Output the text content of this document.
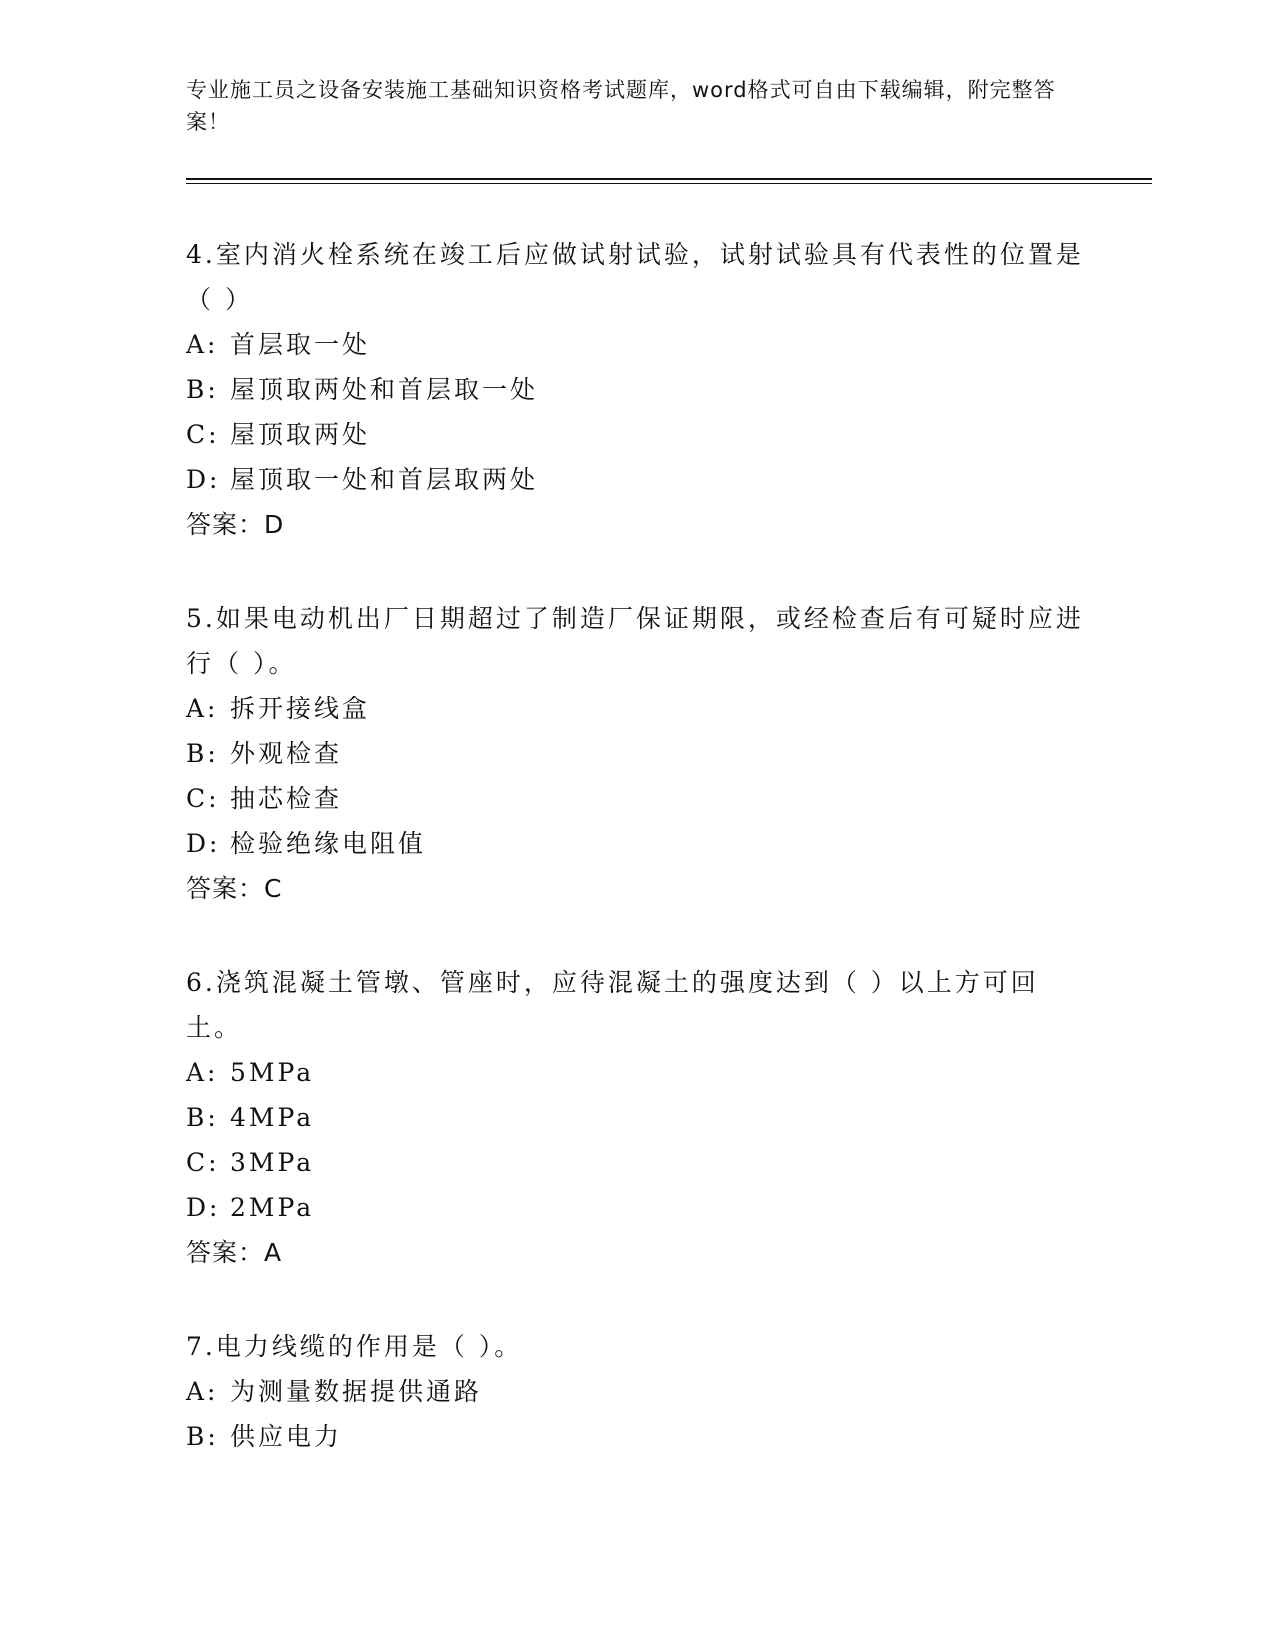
专业施工员之设备安装施工基础知识资格考试题库，word格式可自由下载编辑，附完整答案！

4.室内消火栓系统在竣工后应做试射试验，试射试验具有代表性的位置是（ ）

A: 首层取一处

B: 屋顶取两处和首层取一处

C: 屋顶取两处

D: 屋顶取一处和首层取两处

答案：D

5.如果电动机出厂日期超过了制造厂保证期限，或经检查后有可疑时应进行（ ）。

A: 拆开接线盒

B: 外观检查

C: 抽芯检查

D: 检验绝缘电阻值

答案：C

6.浇筑混凝土管墩、管座时，应待混凝土的强度达到（ ）以上方可回土。

A: 5MPa

B: 4MPa

C: 3MPa

D: 2MPa

答案：A

7.电力线缆的作用是（ ）。

A: 为测量数据提供通路

B: 供应电力
